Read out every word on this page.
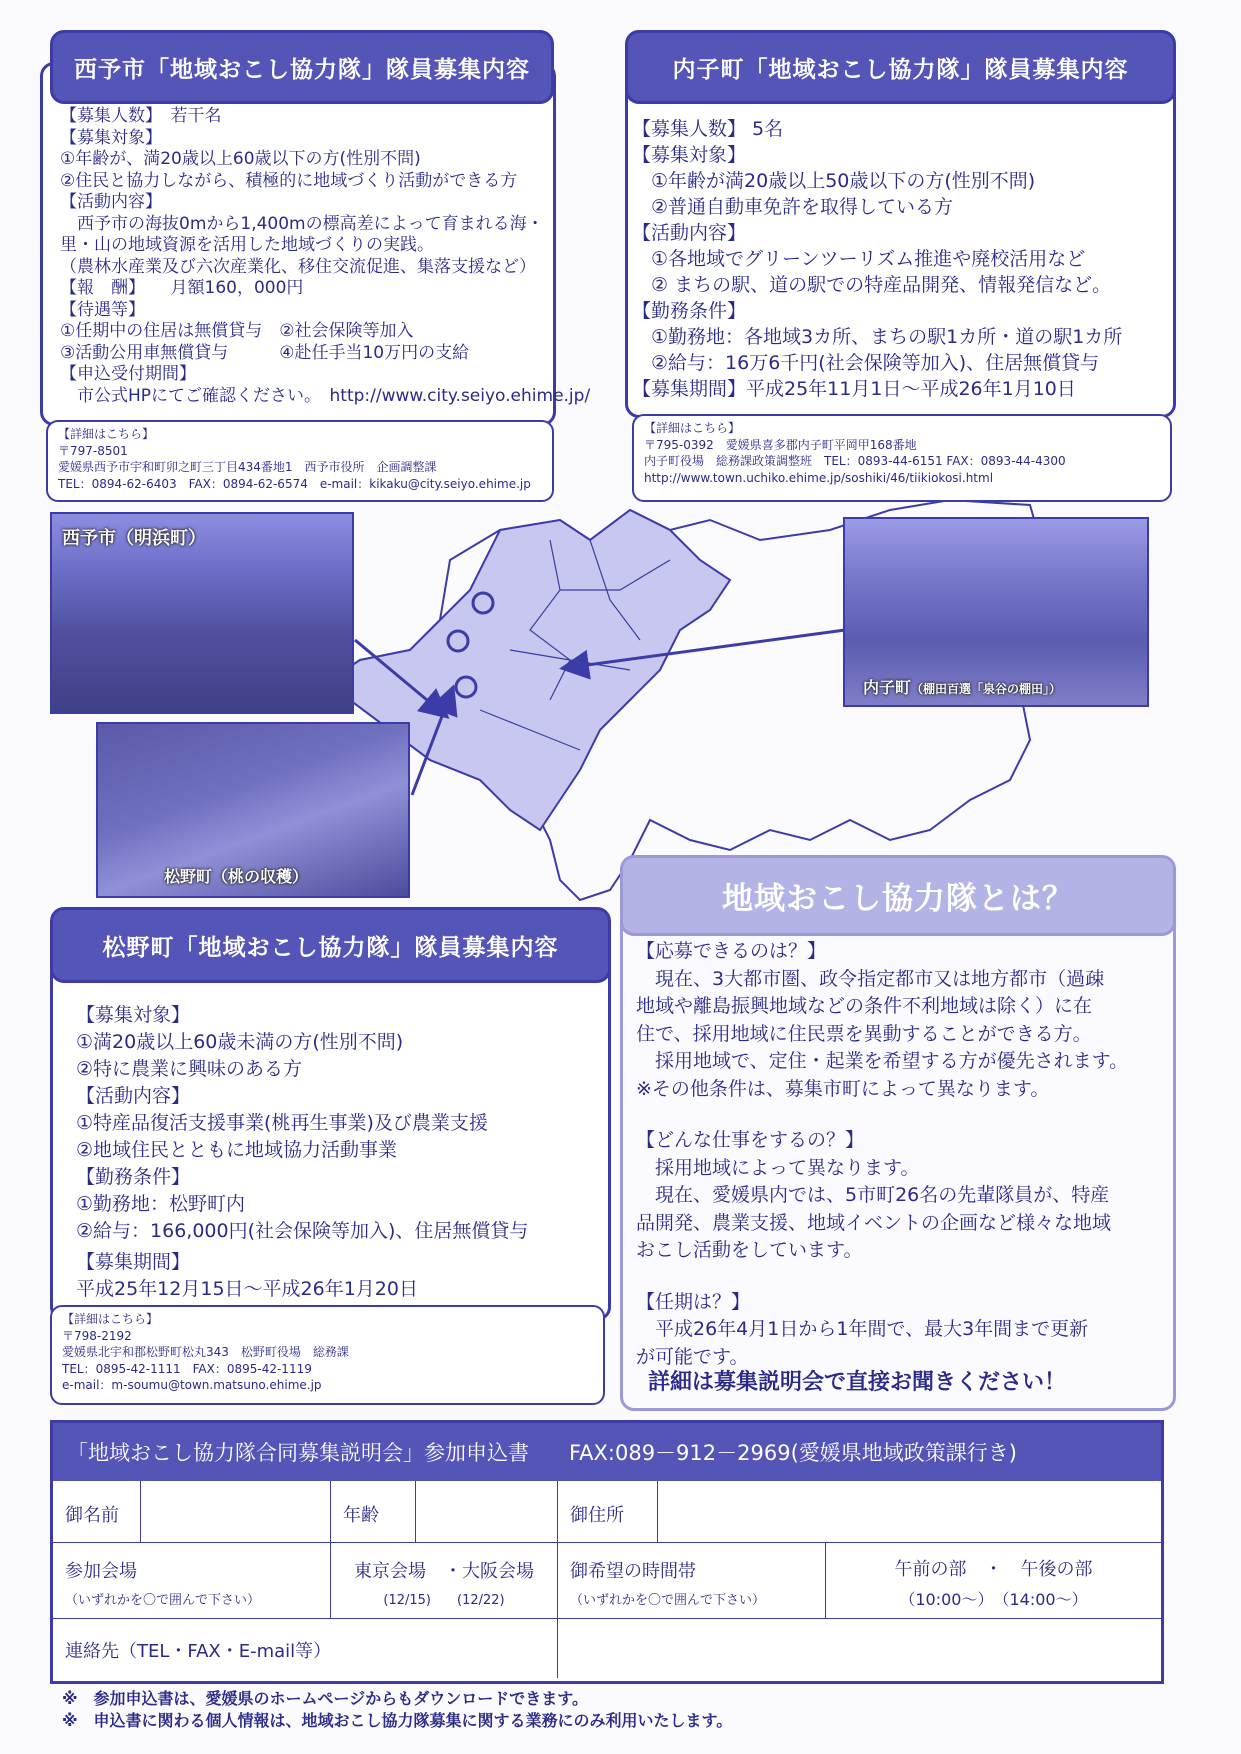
西予市「地域おこし協力隊」隊員募集内容
【募集人数】　若干名
【募集対象】
①年齢が、満20歳以上60歳以下の方(性別不問)
②住民と協力しながら、積極的に地域づくり活動ができる方
【活動内容】
　西予市の海抜0mから1,400mの標高差によって育まれる海・
里・山の地域資源を活用した地域づくりの実践。
（農林水産業及び六次産業化、移住交流促進、集落支援など）
【報　酬】　　月額160，000円
【待遇等】
①任期中の住居は無償貸与　②社会保険等加入
③活動公用車無償貸与　　　④赴任手当10万円の支給
【申込受付期間】
　市公式HPにてご確認ください。　http://www.city.seiyo.ehime.jp/
【詳細はこちら】
〒797-8501
愛媛県西予市宇和町卯之町三丁目434番地1　西予市役所　企画調整課
TEL：0894-62-6403　FAX：0894-62-6574　e-mail：kikaku@city.seiyo.ehime.jp
内子町「地域おこし協力隊」隊員募集内容
【募集人数】 5名
【募集対象】
　①年齢が満20歳以上50歳以下の方(性別不問)
　②普通自動車免許を取得している方
【活動内容】
　①各地域でグリーンツーリズム推進や廃校活用など
　② まちの駅、道の駅での特産品開発、情報発信など。
【勤務条件】
　①勤務地：各地域3カ所、まちの駅1カ所・道の駅1カ所
　②給与：16万6千円(社会保険等加入)、住居無償貸与
【募集期間】平成25年11月1日～平成26年1月10日
【詳細はこちら】
〒795-0392　愛媛県喜多郡内子町平岡甲168番地
内子町役場　総務課政策調整班　TEL：0893-44-6151 FAX：0893-44-4300
http://www.town.uchiko.ehime.jp/soshiki/46/tiikiokosi.html
西予市（明浜町）
内子町（棚田百選「泉谷の棚田」）
松野町（桃の収穫）
松野町「地域おこし協力隊」隊員募集内容
【募集対象】
①満20歳以上60歳未満の方(性別不問)
②特に農業に興味のある方
【活動内容】
①特産品復活支援事業(桃再生事業)及び農業支援
②地域住民とともに地域協力活動事業
【勤務条件】
①勤務地：松野町内
②給与：166,000円(社会保険等加入)、住居無償貸与
【募集期間】
平成25年12月15日～平成26年1月20日
【詳細はこちら】
〒798-2192
愛媛県北宇和郡松野町松丸343　松野町役場　総務課
TEL：0895-42-1111　FAX：0895-42-1119
e-mail：m-soumu@town.matsuno.ehime.jp
地域おこし協力隊とは？
【応募できるのは？】
　現在、3大都市圏、政令指定都市又は地方都市（過疎
地域や離島振興地域などの条件不利地域は除く）に在
住で、採用地域に住民票を異動することができる方。
　採用地域で、定住・起業を希望する方が優先されます。
※その他条件は、募集市町によって異なります。
【どんな仕事をするの？】
　採用地域によって異なります。
　現在、愛媛県内では、5市町26名の先輩隊員が、特産
品開発、農業支援、地域イベントの企画など様々な地域
おこし活動をしています。
【任期は？】
　平成26年4月1日から1年間で、最大3年間まで更新
が可能です。
詳細は募集説明会で直接お聞きください！
「地域おこし協力隊合同募集説明会」参加申込書 FAX:089－912－2969(愛媛県地域政策課行き)
御名前	年齢	御住所
参加会場
（いずれかを〇で囲んで下さい）
東京会場　・大阪会場
(12/15)　　(12/22)
御希望の時間帯
（いずれかを〇で囲んで下さい）
午前の部　・　午後の部
（10:00～）　（14:00～）
連絡先（TEL・FAX・E-mail等）
※　参加申込書は、愛媛県のホームページからもダウンロードできます。
※　申込書に関わる個人情報は、地域おこし協力隊募集に関する業務にのみ利用いたします。
